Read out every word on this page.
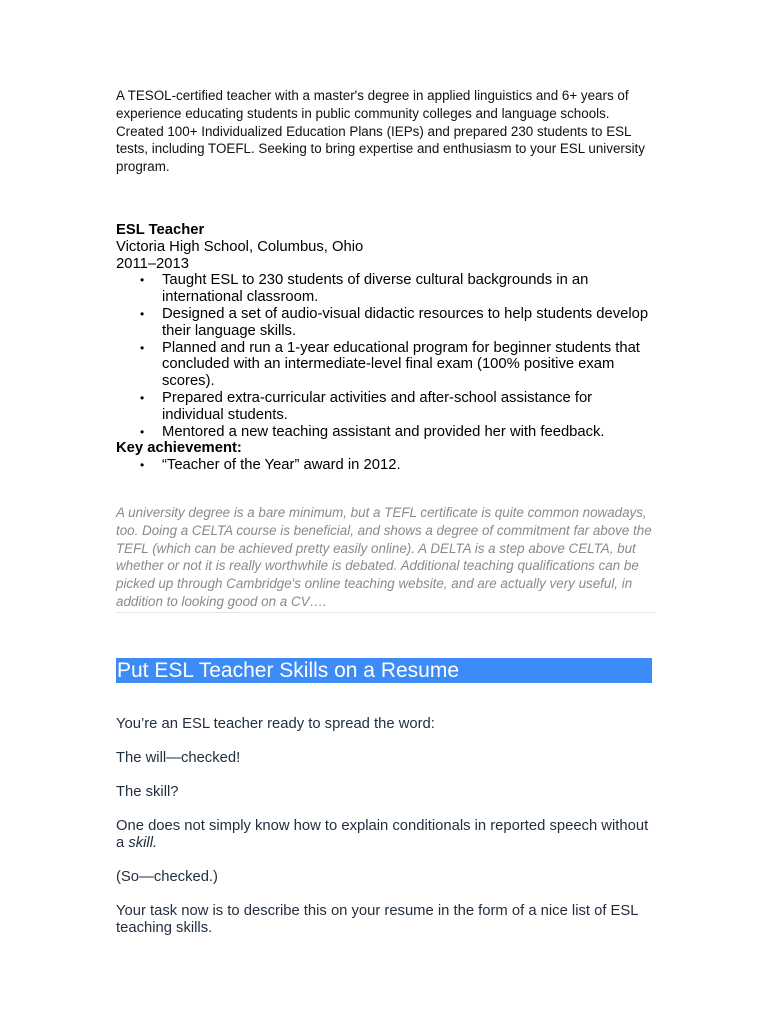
A TESOL-certified teacher with a master's degree in applied linguistics and 6+ years of experience educating students in public community colleges and language schools. Created 100+ Individualized Education Plans (IEPs) and prepared 230 students to ESL tests, including TOEFL. Seeking to bring expertise and enthusiasm to your ESL university program.

ESL Teacher
Victoria High School, Columbus, Ohio
2011–2013
• Taught ESL to 230 students of diverse cultural backgrounds in an international classroom.
• Designed a set of audio-visual didactic resources to help students develop their language skills.
• Planned and run a 1-year educational program for beginner students that concluded with an intermediate-level final exam (100% positive exam scores).
• Prepared extra-curricular activities and after-school assistance for individual students.
• Mentored a new teaching assistant and provided her with feedback.
Key achievement:
• “Teacher of the Year” award in 2012.
A university degree is a bare minimum, but a TEFL certificate is quite common nowadays, too. Doing a CELTA course is beneficial, and shows a degree of commitment far above the TEFL (which can be achieved pretty easily online). A DELTA is a step above CELTA, but whether or not it is really worthwhile is debated. Additional teaching qualifications can be picked up through Cambridge's online teaching website, and are actually very useful, in addition to looking good on a CV….
Put ESL Teacher Skills on a Resume

You’re an ESL teacher ready to spread the word:

The will—checked!

The skill?

One does not simply know how to explain conditionals in reported speech without a skill.

(So—checked.)

Your task now is to describe this on your resume in the form of a nice list of ESL teaching skills.
